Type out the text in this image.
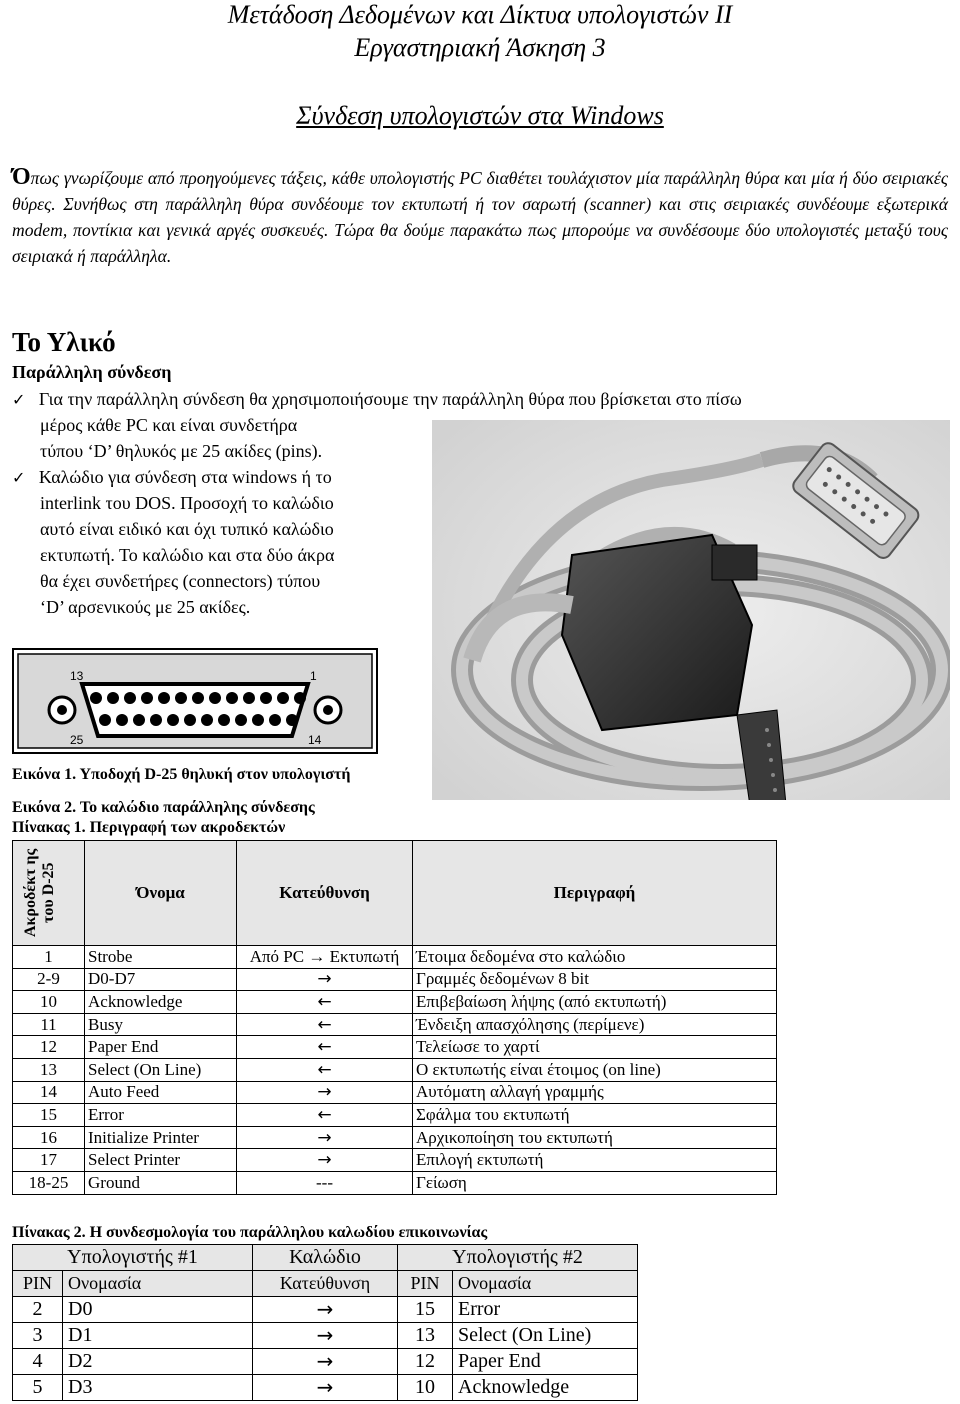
Μετάδοση Δεδομένων και Δίκτυα υπολογιστών ΙΙ
Εργαστηριακή Άσκηση 3
Σύνδεση υπολογιστών στα Windows
Όπως γνωρίζουμε από προηγούμενες τάξεις, κάθε υπολογιστής PC διαθέτει τουλάχιστον μία παράλληλη θύρα και μία ή δύο σειριακές θύρες. Συνήθως στη παράλληλη θύρα συνδέουμε τον εκτυπωτή ή τον σαρωτή (scanner) και στις σειριακές συνδέουμε εξωτερικά modem, ποντίκια και γενικά αργές συσκευές. Τώρα θα δούμε παρακάτω πως μπορούμε να συνδέσουμε δύο υπολογιστές μεταξύ τους σειριακά ή παράλληλα.
Το Υλικό
Παράλληλη σύνδεση
✓ Για την παράλληλη σύνδεση θα χρησιμοποιήσουμε την παράλληλη θύρα που βρίσκεται στο πίσω
μέρος κάθε PC και είναι συνδετήρα
τύπου ‘D’ θηλυκός με 25 ακίδες (pins).
✓ Καλώδιο για σύνδεση στα windows ή το
interlink του DOS. Προσοχή το καλώδιο
αυτό είναι ειδικό και όχι τυπικό καλώδιο
εκτυπωτή. Το καλώδιο και στα δύο άκρα
θα έχει συνδετήρες (connectors) τύπου
‘D’ αρσενικούς με 25 ακίδες.
13	1
25	14
Εικόνα 1. Υποδοχή D-25 θηλυκή στον υπολογιστή
Εικόνα 2. Το καλώδιο παράλληλης σύνδεσης
Πίνακας 1. Περιγραφή των ακροδεκτών
Ακροδέκτ ης του D-25	Όνομα	Κατεύθυνση	Περιγραφή
1	Strobe	Από PC → Εκτυπωτή	Έτοιμα δεδομένα στο καλώδιο
2-9	D0-D7	→	Γραμμές δεδομένων 8 bit
10	Acknowledge	←	Επιβεβαίωση λήψης (από εκτυπωτή)
11	Busy	←	Ένδειξη απασχόλησης (περίμενε)
12	Paper End	←	Τελείωσε το χαρτί
13	Select (On Line)	←	Ο εκτυπωτής είναι έτοιμος (on line)
14	Auto Feed	→	Αυτόματη αλλαγή γραμμής
15	Error	←	Σφάλμα του εκτυπωτή
16	Initialize Printer	→	Αρχικοποίηση του εκτυπωτή
17	Select Printer	→	Επιλογή εκτυπωτή
18-25	Ground	---	Γείωση
Πίνακας 2. Η συνδεσμολογία του παράλληλου καλωδίου επικοινωνίας
Υπολογιστής #1		Καλώδιο	Υπολογιστής #2	
PIN	Ονομασία	Κατεύθυνση	PIN	Ονομασία
2	D0	→	15	Error
3	D1	→	13	Select (On Line)
4	D2	→	12	Paper End
5	D3	→	10	Acknowledge
